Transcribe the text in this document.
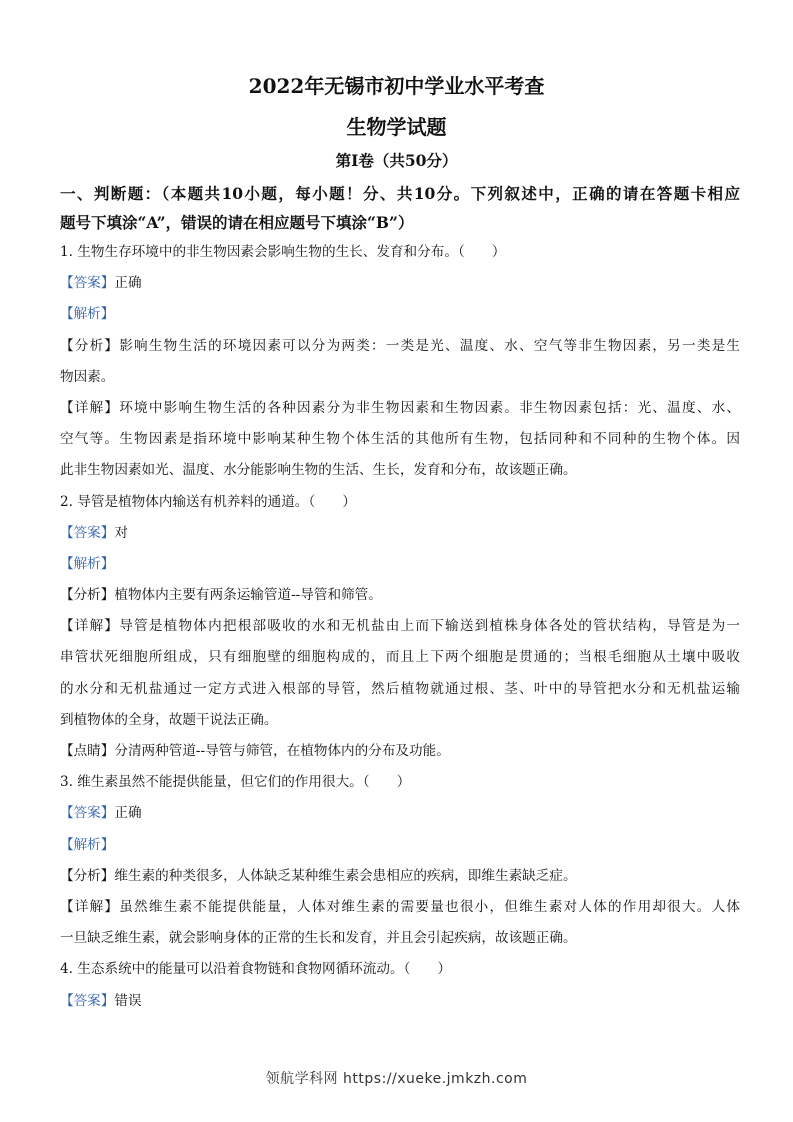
2022年无锡市初中学业水平考查
生物学试题
第Ⅰ卷（共50分）
一、判断题：（本题共10小题，每小题！分、共10分。下列叙述中，正确的请在答题卡相应
题号下填涂“A”，错误的请在相应题号下填涂“B”）
1. 生物生存环境中的非生物因素会影响生物的生长、发育和分布。（　　）
【答案】正确
【解析】
【分析】影响生物生活的环境因素可以分为两类：一类是光、温度、水、空气等非生物因素，另一类是生
物因素。
【详解】环境中影响生物生活的各种因素分为非生物因素和生物因素。非生物因素包括：光、温度、水、
空气等。生物因素是指环境中影响某种生物个体生活的其他所有生物，包括同种和不同种的生物个体。因
此非生物因素如光、温度、水分能影响生物的生活、生长，发育和分布，故该题正确。
2. 导管是植物体内输送有机养料的通道。（　　）
【答案】对
【解析】
【分析】植物体内主要有两条运输管道--导管和筛管。
【详解】导管是植物体内把根部吸收的水和无机盐由上而下输送到植株身体各处的管状结构，导管是为一
串管状死细胞所组成，只有细胞壁的细胞构成的，而且上下两个细胞是贯通的；当根毛细胞从土壤中吸收
的水分和无机盐通过一定方式进入根部的导管，然后植物就通过根、茎、叶中的导管把水分和无机盐运输
到植物体的全身，故题干说法正确。
【点睛】分清两种管道--导管与筛管，在植物体内的分布及功能。
3. 维生素虽然不能提供能量，但它们的作用很大。（　　）
【答案】正确
【解析】
【分析】维生素的种类很多，人体缺乏某种维生素会患相应的疾病，即维生素缺乏症。
【详解】虽然维生素不能提供能量，人体对维生素的需要量也很小，但维生素对人体的作用却很大。人体
一旦缺乏维生素，就会影响身体的正常的生长和发育，并且会引起疾病，故该题正确。
4. 生态系统中的能量可以沿着食物链和食物网循环流动。（　　）
【答案】错误
领航学科网 https://xueke.jmkzh.com
